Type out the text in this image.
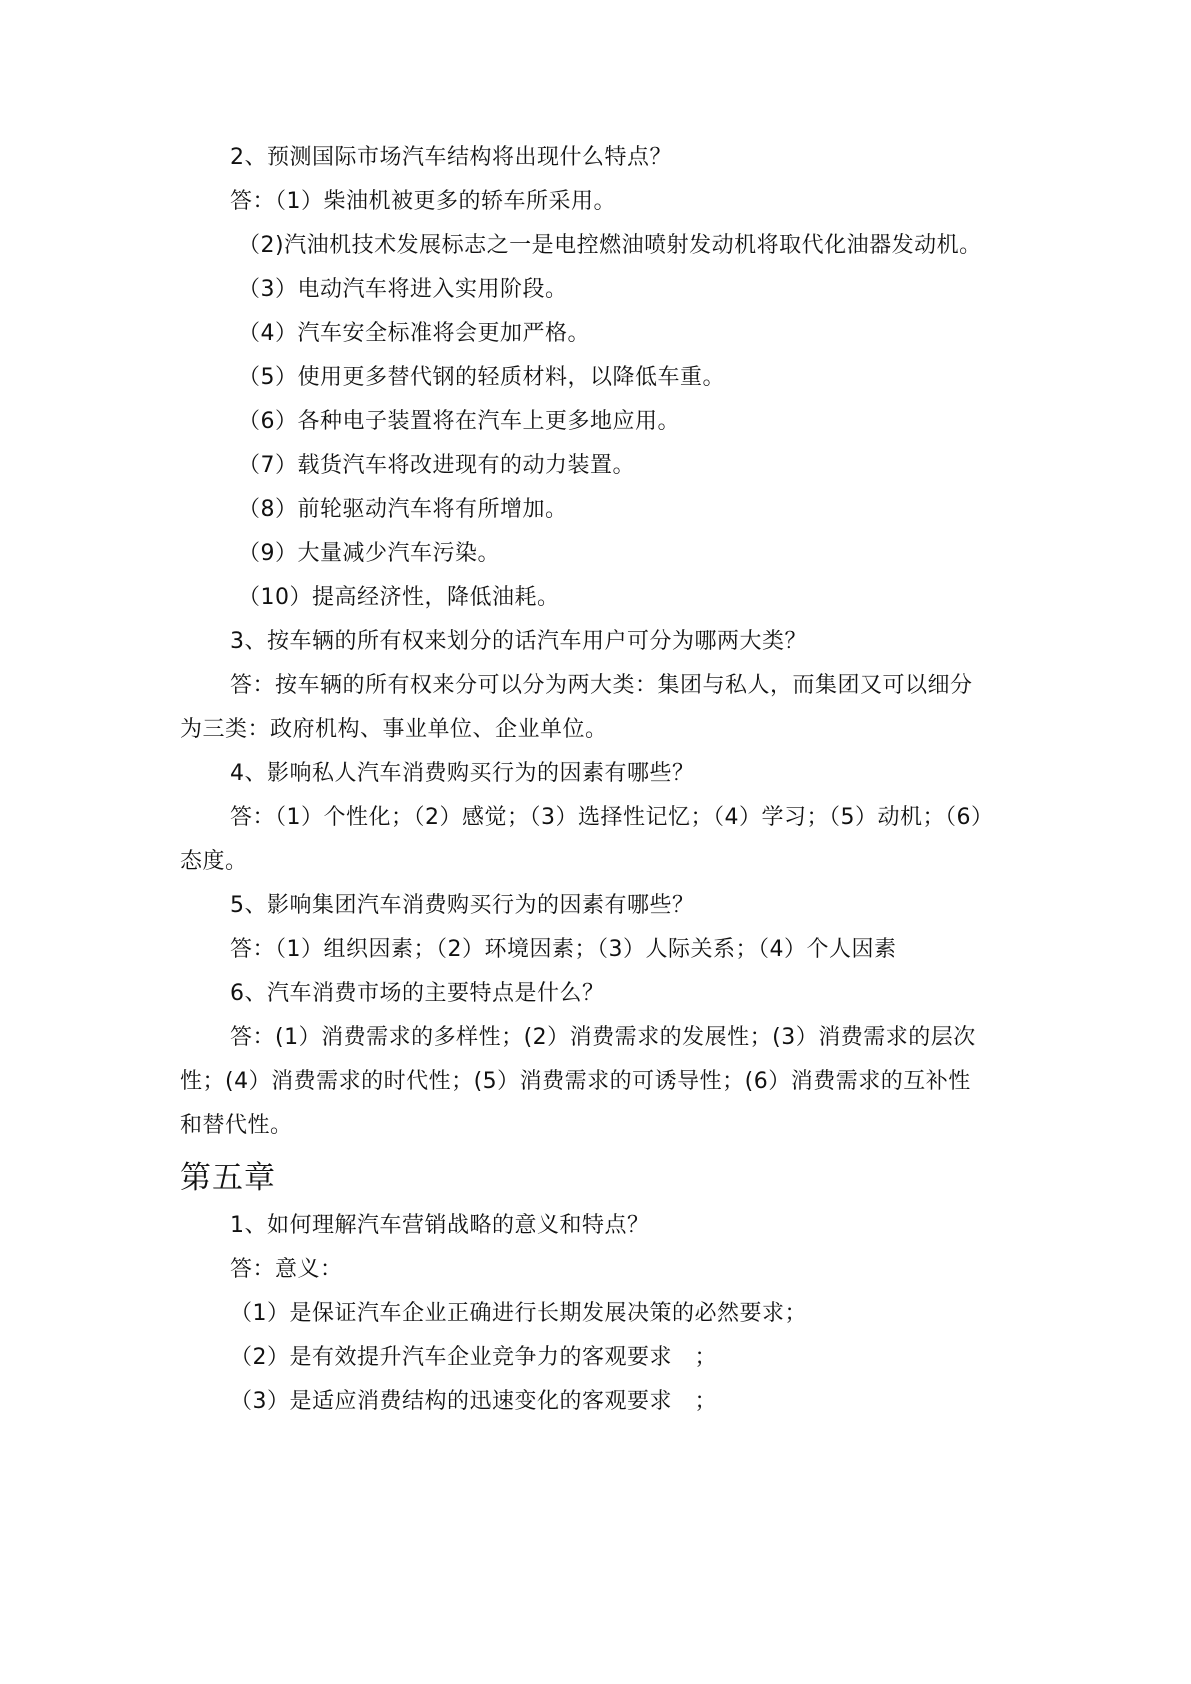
2、预测国际市场汽车结构将出现什么特点？
答：（1）柴油机被更多的轿车所采用。
（2)汽油机技术发展标志之一是电控燃油喷射发动机将取代化油器发动机。
（3）电动汽车将进入实用阶段。
（4）汽车安全标准将会更加严格。
（5）使用更多替代钢的轻质材料，以降低车重。
（6）各种电子装置将在汽车上更多地应用。
（7）载货汽车将改进现有的动力装置。
（8）前轮驱动汽车将有所增加。
（9）大量减少汽车污染。
（10）提高经济性，降低油耗。
3、按车辆的所有权来划分的话汽车用户可分为哪两大类？
答：按车辆的所有权来分可以分为两大类：集团与私人，而集团又可以细分
为三类：政府机构、事业单位、企业单位。
4、影响私人汽车消费购买行为的因素有哪些？
答：（1）个性化；（2）感觉；（3）选择性记忆；（4）学习；（5）动机；（6）
态度。
5、影响集团汽车消费购买行为的因素有哪些？
答：（1）组织因素；（2）环境因素；（3）人际关系；（4）个人因素
6、汽车消费市场的主要特点是什么？
答：(1）消费需求的多样性；(2）消费需求的发展性；(3）消费需求的层次
性；(4）消费需求的时代性；(5）消费需求的可诱导性；(6）消费需求的互补性
和替代性。
第五章
1、如何理解汽车营销战略的意义和特点？
答：意义：
（1）是保证汽车企业正确进行长期发展决策的必然要求；
（2）是有效提升汽车企业竞争力的客观要求　；
（3）是适应消费结构的迅速变化的客观要求　；
